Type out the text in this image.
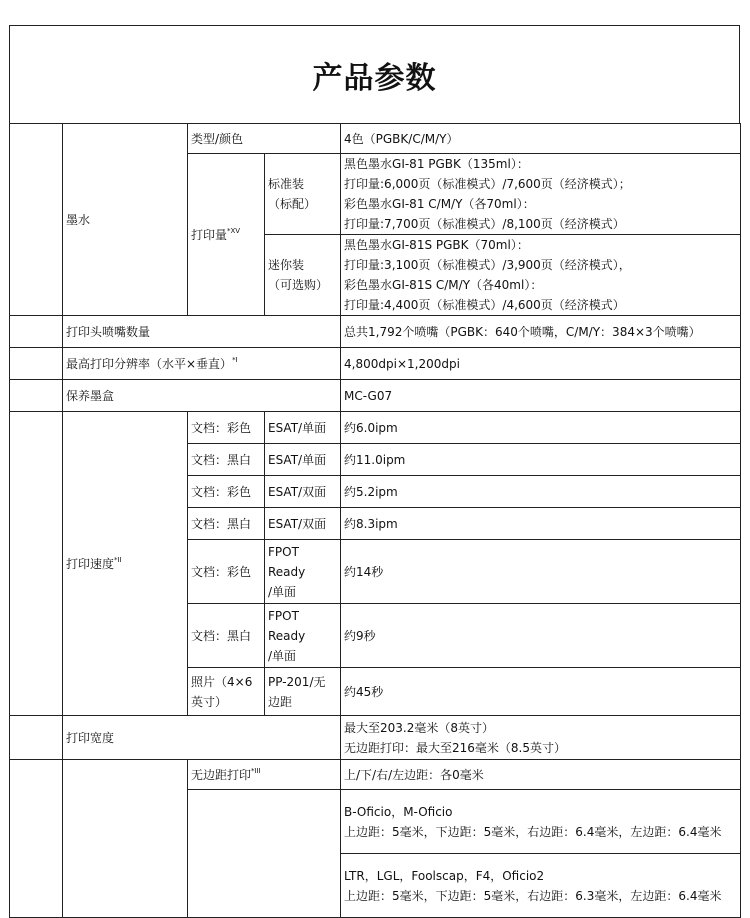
产品参数
	墨水	类型/颜色		4色（PGBK/C/M/Y）
		打印量$^{*XV}$	标准装
（标配）	黑色墨水GI-81 PGBK（135ml）：
打印量:6,000页（标准模式）/7,600页（经济模式）；
彩色墨水GI-81 C/M/Y（各70ml）：
打印量:7,700页（标准模式）/8,100页（经济模式）

			迷你装
（可选购）	黑色墨水GI-81S PGBK（70ml）：
打印量:3,100页（标准模式）/3,900页（经济模式），
彩色墨水GI-81S C/M/Y（各40ml）：
打印量:4,400页（标准模式）/4,600页（经济模式）

	打印头喷嘴数量			总共1,792个喷嘴（PGBK：640个喷嘴，C/M/Y：384×3个喷嘴）
	最高打印分辨率（水平×垂直）$^{*I}$			4,800dpi×1,200dpi
	保养墨盒			MC-G07
	打印速度$^{*II}$	文档：彩色	ESAT/单面	约6.0ipm
		文档：黑白	ESAT/单面	约11.0ipm
		文档：彩色	ESAT/双面	约5.2ipm
		文档：黑白	ESAT/双面	约8.3ipm
		文档：彩色	FPOT
Ready
/单面	约14秒
		文档：黑白	FPOT
Ready
/单面	约9秒

		照片（4×6
英寸）	PP-201/无
边距	约45秒
	打印宽度			最大至203.2毫米（8英寸）
无边距打印：最大至216毫米（8.5英寸）

		无边距打印$^{*III}$		上/下/右/左边距：各0毫米

				B-Oficio，M-Oficio
上边距：5毫米，下边距：5毫米，右边距：6.4毫米，左边距：6.4毫米

				LTR，LGL，Foolscap，F4，Oficio2
上边距：5毫米，下边距：5毫米，右边距：6.3毫米，左边距：6.4毫米
